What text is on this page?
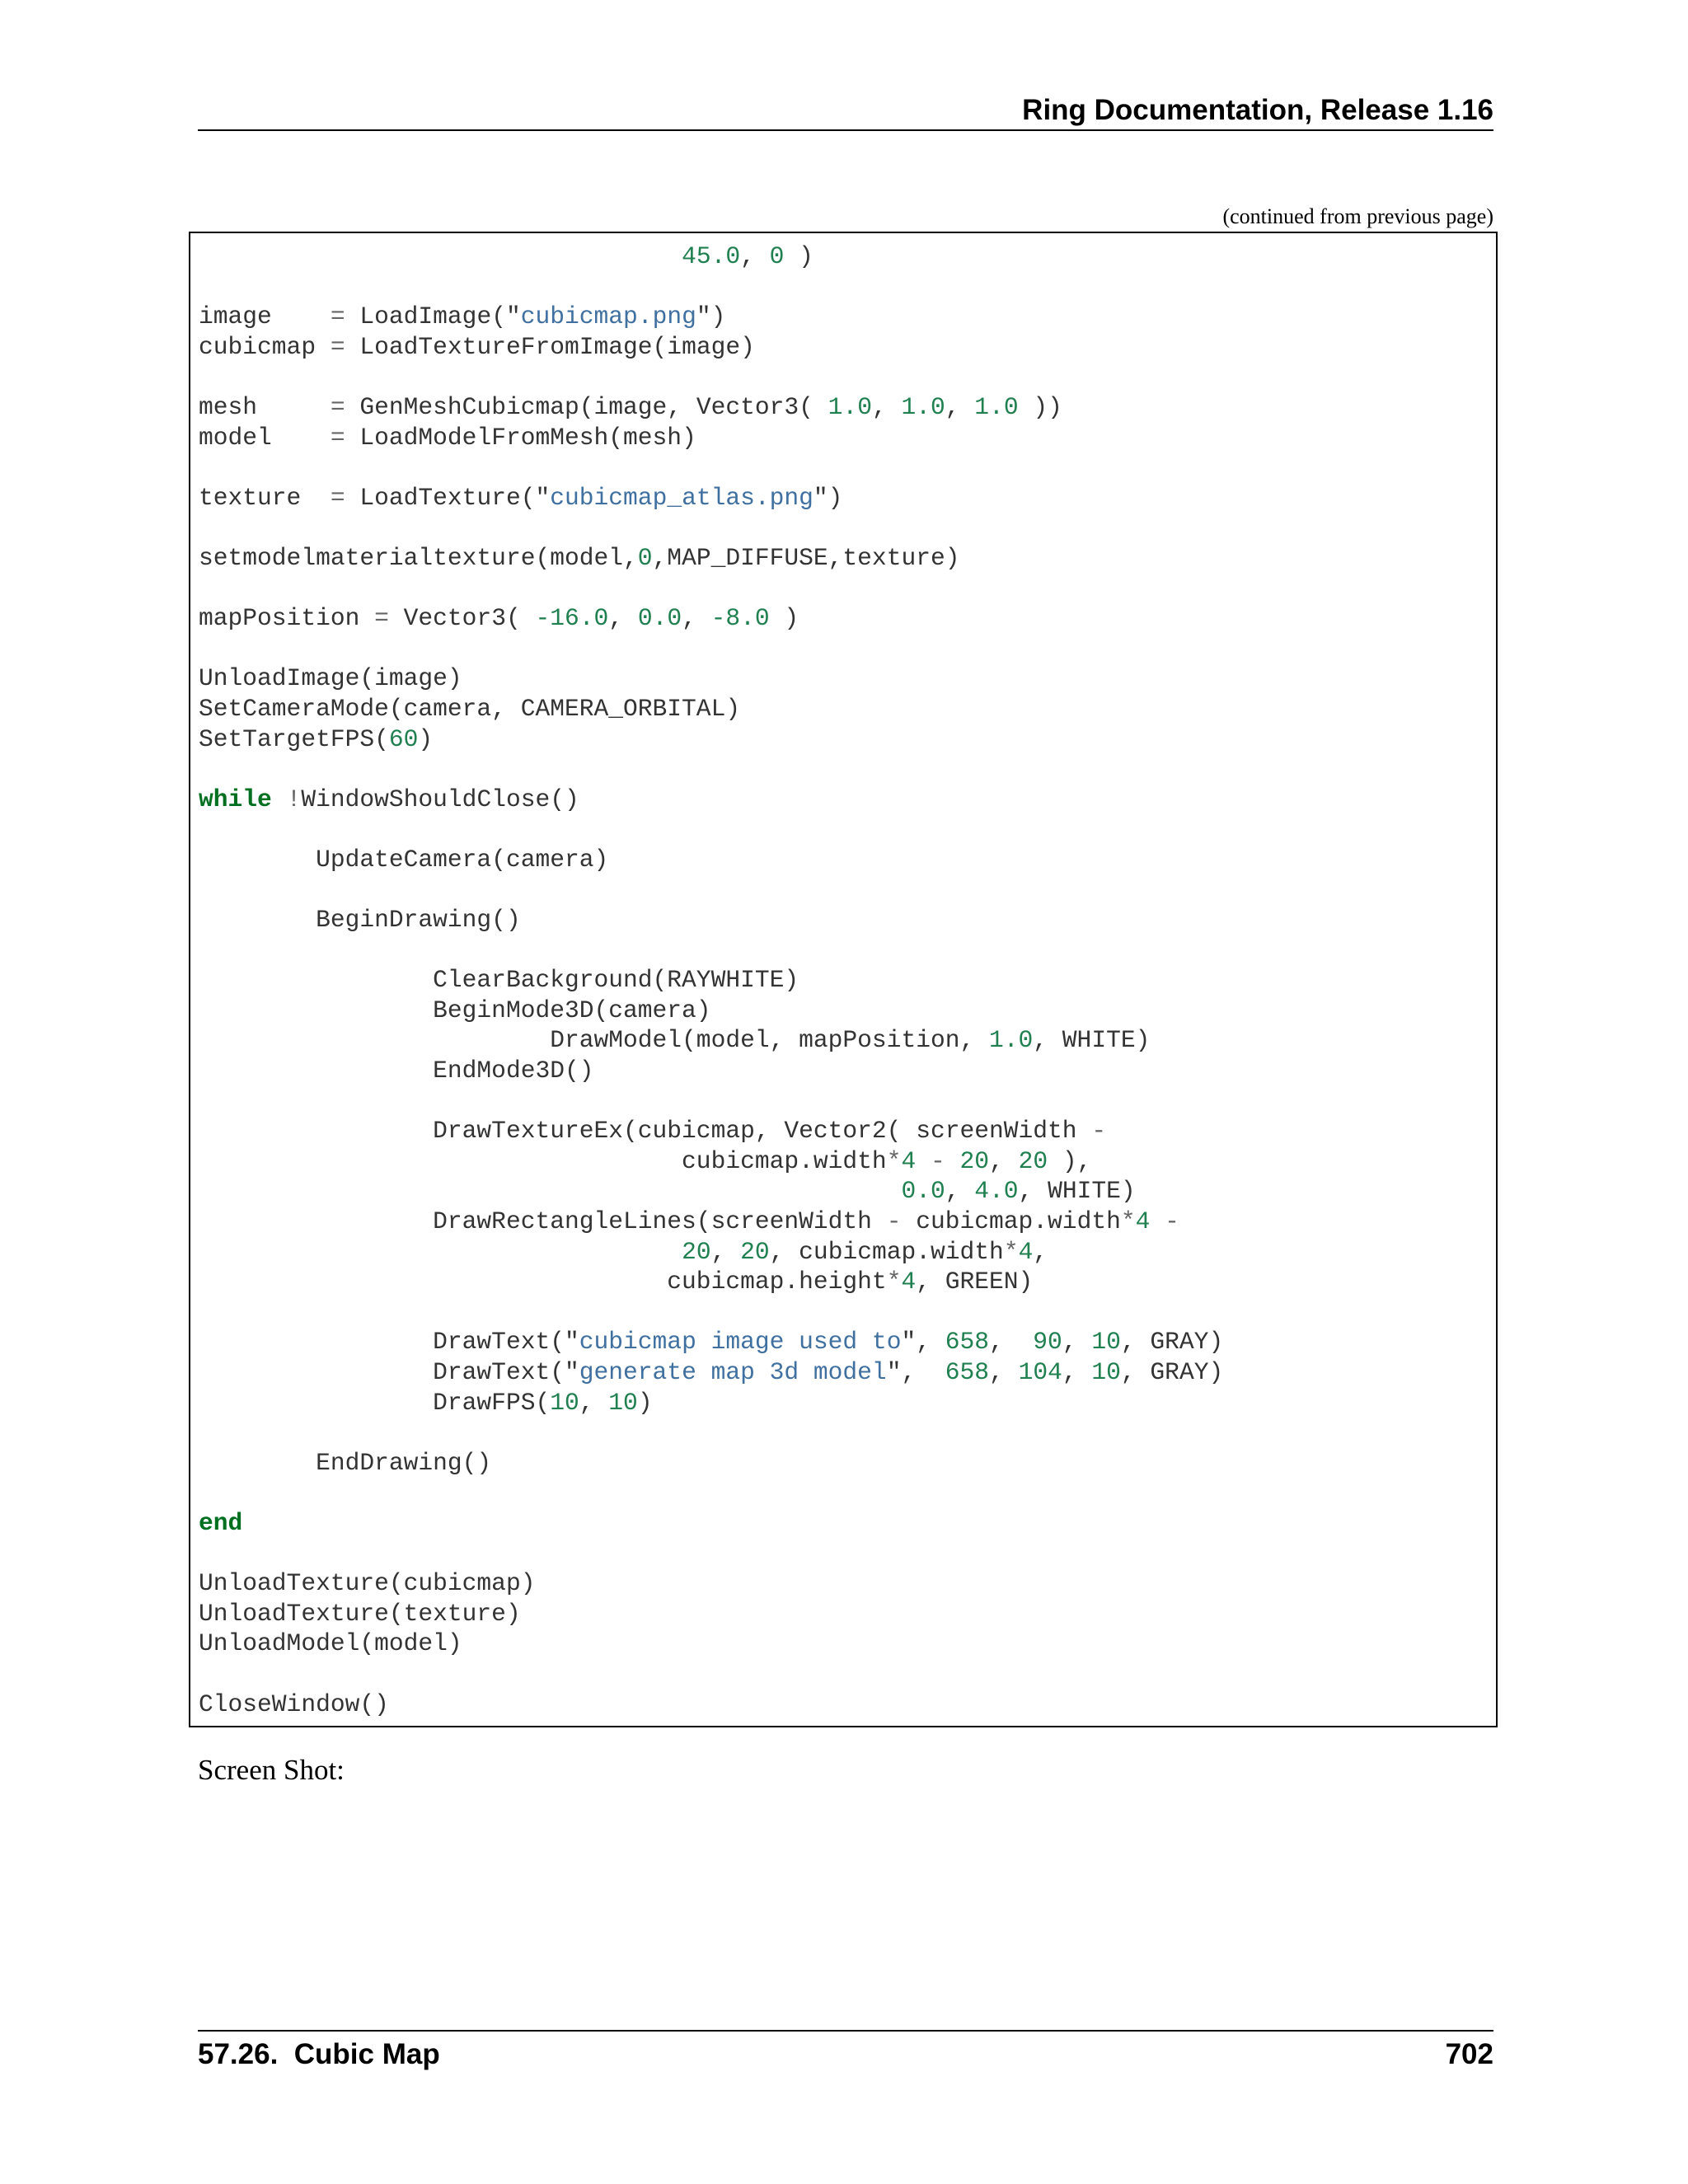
Ring Documentation, Release 1.16
(continued from previous page)
45.0, 0 )
image    = LoadImage("cubicmap.png")
cubicmap = LoadTextureFromImage(image)
mesh     = GenMeshCubicmap(image, Vector3( 1.0, 1.0, 1.0 ))
model    = LoadModelFromMesh(mesh)
texture  = LoadTexture("cubicmap_atlas.png")
setmodelmaterialtexture(model,0,MAP_DIFFUSE,texture)
mapPosition = Vector3( -16.0, 0.0, -8.0 )
UnloadImage(image)
SetCameraMode(camera, CAMERA_ORBITAL)
SetTargetFPS(60)
while !WindowShouldClose()
UpdateCamera(camera)
BeginDrawing()
ClearBackground(RAYWHITE)
BeginMode3D(camera)
DrawModel(model, mapPosition, 1.0, WHITE)
EndMode3D()
DrawTextureEx(cubicmap, Vector2( screenWidth -
cubicmap.width*4 - 20, 20 ),
0.0, 4.0, WHITE)
DrawRectangleLines(screenWidth - cubicmap.width*4 -
20, 20, cubicmap.width*4,
cubicmap.height*4, GREEN)
DrawText("cubicmap image used to", 658,  90, 10, GRAY)
DrawText("generate map 3d model",  658, 104, 10, GRAY)
DrawFPS(10, 10)
EndDrawing()
end
UnloadTexture(cubicmap)
UnloadTexture(texture)
UnloadModel(model)
CloseWindow()
Screen Shot:
57.26.  Cubic Map	702
